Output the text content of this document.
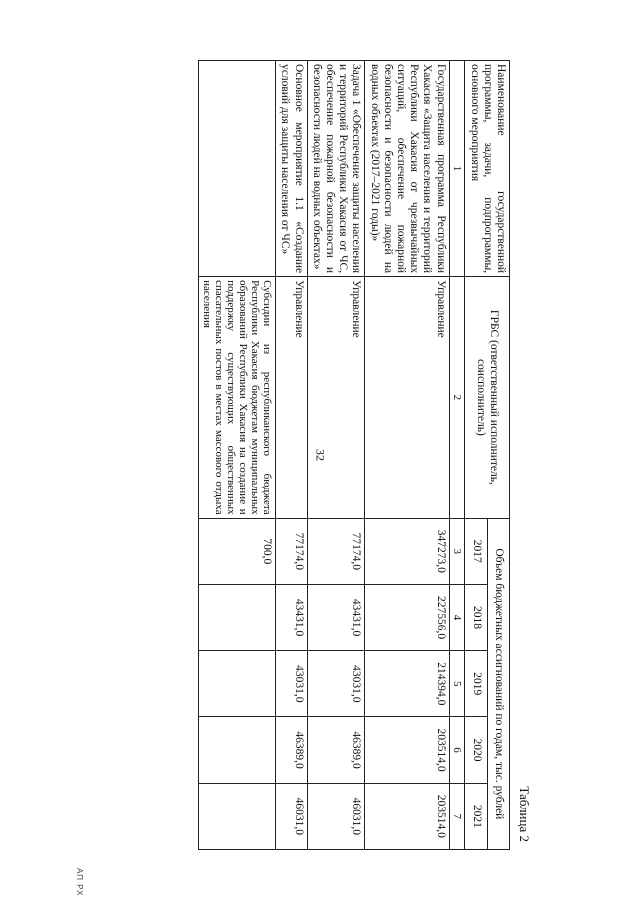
32
АП РХ
Таблица 2
Наименование государственной программы, задачи, подпрограммы, основного мероприятия	ГРБС (ответственный исполнитель, соисполнитель)	Объем бюджетных ассигнований по годам, тыс. рублей				
		2017	2018	2019	2020	2021
1	2	3	4	5	6	7
Государственная программа Республики Хакасия «Защита населения и территорий Республики Хакасия от чрезвычайных ситуаций, обеспечение пожарной безопасности и безопасности людей на водных объектах (2017–2021 годы)»	Управление	347273,0	227556,0	214394,0	203514,0	203514,0
Задача 1 «Обеспечение защиты населения и территорий Республики Хакасия от ЧС, обеспечение пожарной безопасности и безопасности людей на водных объектах»	Управление	77174,0	43431,0	43031,0	46389,0	46031,0
Основное мероприятие 1.1 «Создание условий для защиты населения от ЧС»	Управление	77174,0	43431,0	43031,0	46389,0	46031,0
	Субсидии из республиканского бюджета Республики Хакасия бюджетам муниципальных образований Республики Хакасия на создание и поддержку существующих общественных спасательных постов в местах массового отдыха населения	700,0				
